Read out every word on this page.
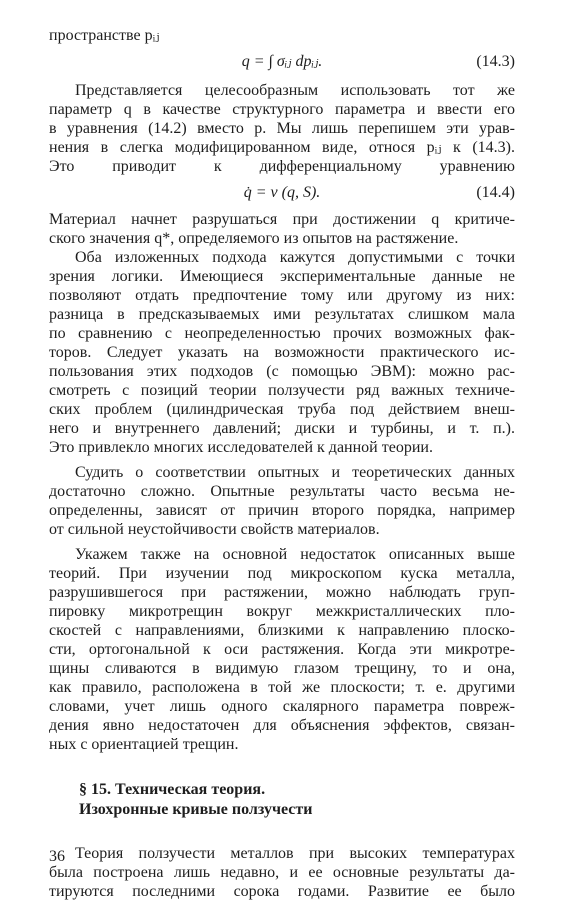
пространстве pᵢⱼ

q = ∫ σᵢⱼ dpᵢⱼ.	(14.3)

Представляется целесообразным использовать тот же
параметр q в качестве структурного параметра и ввести его
в уравнения (14.2) вместо p. Мы лишь перепишем эти урав-
нения в слегка модифицированном виде, относя pᵢⱼ к (14.3).
Это приводит к дифференциальному уравнению

q̇ = v (q, S).	(14.4)

Материал начнет разрушаться при достижении q критиче-
ского значения q*, определяемого из опытов на растяжение.

Оба изложенных подхода кажутся допустимыми с точки
зрения логики. Имеющиеся экспериментальные данные не
позволяют отдать предпочтение тому или другому из них:
разница в предсказываемых ими результатах слишком мала
по сравнению с неопределенностью прочих возможных фак-
торов. Следует указать на возможности практического ис-
пользования этих подходов (с помощью ЭВМ): можно рас-
смотреть с позиций теории ползучести ряд важных техниче-
ских проблем (цилиндрическая труба под действием внеш-
него и внутреннего давлений; диски и турбины, и т. п.).
Это привлекло многих исследователей к данной теории.

Судить о соответствии опытных и теоретических данных
достаточно сложно. Опытные результаты часто весьма не-
определенны, зависят от причин второго порядка, например
от сильной неустойчивости свойств материалов.

Укажем также на основной недостаток описанных выше
теорий. При изучении под микроскопом куска металла,
разрушившегося при растяжении, можно наблюдать груп-
пировку микротрещин вокруг межкристаллических пло-
скостей с направлениями, близкими к направлению плоско-
сти, ортогональной к оси растяжения. Когда эти микротре-
щины сливаются в видимую глазом трещину, то и она,
как правило, расположена в той же плоскости; т. е. другими
словами, учет лишь одного скалярного параметра повреж-
дения явно недостаточен для объяснения эффектов, связан-
ных с ориентацией трещин.

§ 15. Техническая теория.
Изохронные кривые ползучести

Теория ползучести металлов при высоких температурах
была построена лишь недавно, и ее основные результаты да-
тируются последними сорока годами. Развитие ее было

36
